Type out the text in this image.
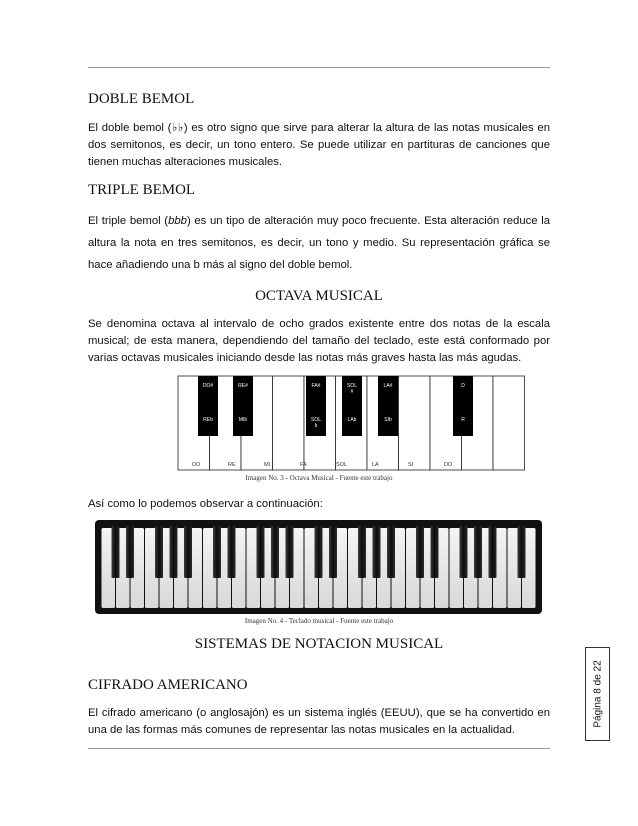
DOBLE BEMOL

El doble bemol (♭♭) es otro signo que sirve para alterar la altura de las notas musicales en dos semitonos, es decir, un tono entero. Se puede utilizar en partituras de canciones que tienen muchas alteraciones musicales.

TRIPLE BEMOL

El triple bemol (bbb) es un tipo de alteración muy poco frecuente. Esta alteración reduce la altura la nota en tres semitonos, es decir, un tono y medio. Su representación gráfica se hace añadiendo una b más al signo del doble bemol.

OCTAVA MUSICAL

Se denomina octava al intervalo de ocho grados existente entre dos notas de la escala musical; de esta manera, dependiendo del tamaño del teclado, este está conformado por varias octavas musicales iniciando desde las notas más graves hasta las más agudas.

DO#
REb
RE#
MIb
FA#
SOL
b
SOL
#
LAb
LA#
SIb
D
R
DO	RE	MI	FA	SOL	LA	SI	DO

Imagen No. 3 - Octava Musical - Fuente este trabajo

Así como lo podemos observar a continuación:

Imagen No. 4 - Teclado musical - Fuente este trabajo

SISTEMAS DE NOTACION MUSICAL
CIFRADO AMERICANO

El cifrado americano (o anglosajón) es un sistema inglés (EEUU), que se ha convertido en una de las formas más comunes de representar las notas musicales en la actualidad.

Página 8 de 22
